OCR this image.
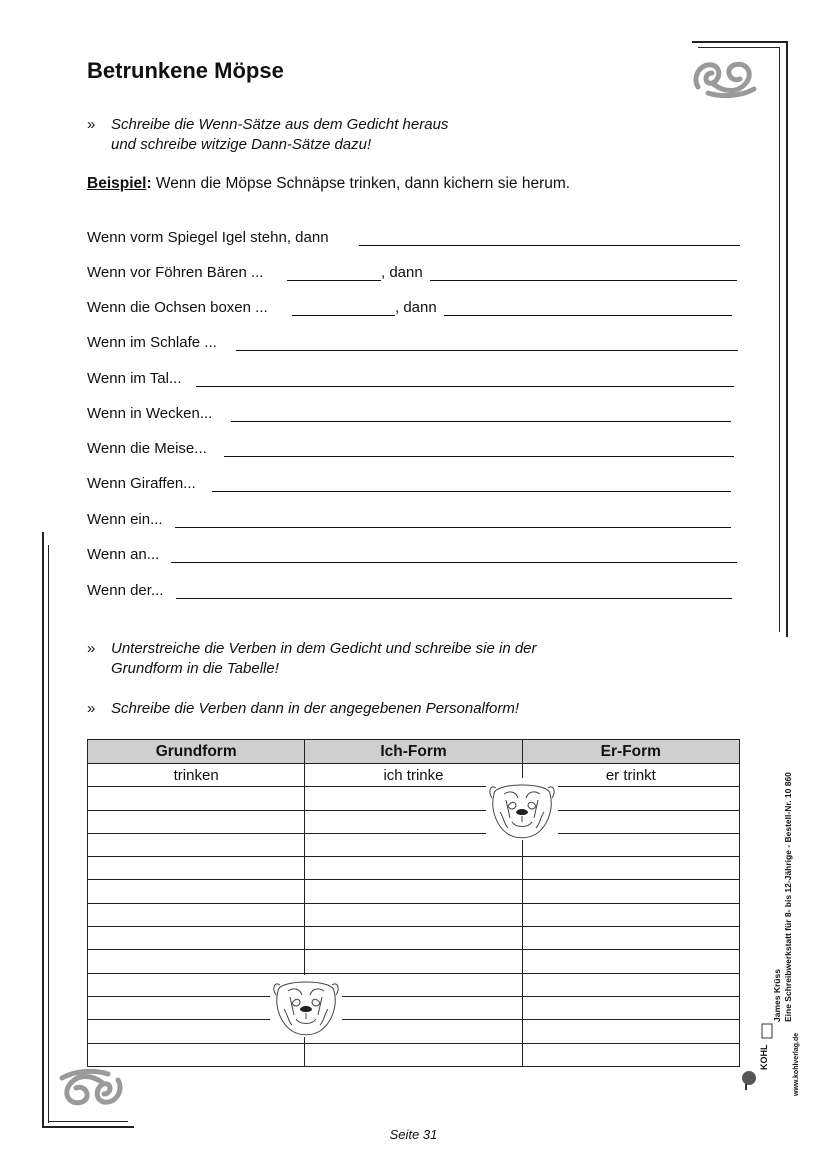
Betrunkene Möpse
»	Schreibe die Wenn-Sätze aus dem Gedicht heraus
und schreibe witzige Dann-Sätze dazu!
Beispiel: Wenn die Möpse Schnäpse trinken, dann kichern sie herum.
Wenn vorm Spiegel Igel stehn, dann
Wenn vor Föhren Bären ...	, dann
Wenn die Ochsen boxen ...	, dann
Wenn im Schlafe ...
Wenn im Tal...
Wenn in Wecken...
Wenn die Meise...
Wenn Giraffen...
Wenn ein...
Wenn an...
Wenn der...
»	Unterstreiche die Verben in dem Gedicht und schreibe sie in der
Grundform in die Tabelle!
»	Schreibe die Verben dann in der angegebenen Personalform!
Grundform	Ich-Form	Er-Form
trinken	ich trinke	er trinkt

James Krüss Eine Schreibwerkstatt für 8- bis 12-Jährige - Bestell-Nr. 10 860
www.kohlverlag.de
KOHL
Seite 31
